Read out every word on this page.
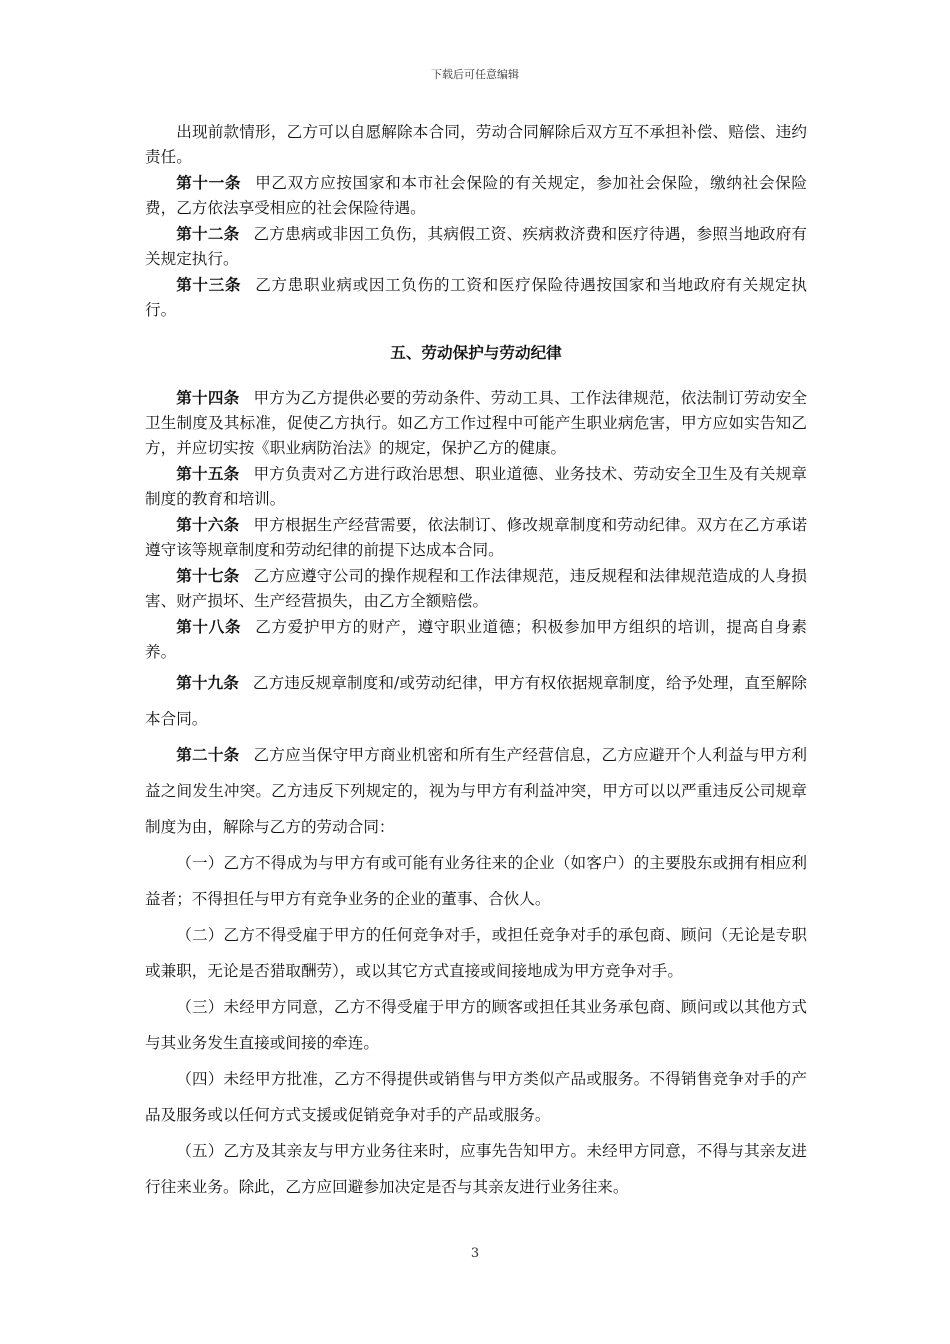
下载后可任意编辑

出现前款情形，乙方可以自愿解除本合同，劳动合同解除后双方互不承担补偿、赔偿、违约责任。

第十一条 甲乙双方应按国家和本市社会保险的有关规定，参加社会保险，缴纳社会保险费，乙方依法享受相应的社会保险待遇。

第十二条 乙方患病或非因工负伤，其病假工资、疾病救济费和医疗待遇，参照当地政府有关规定执行。

第十三条 乙方患职业病或因工负伤的工资和医疗保险待遇按国家和当地政府有关规定执行。

五、劳动保护与劳动纪律

第十四条 甲方为乙方提供必要的劳动条件、劳动工具、工作法律规范，依法制订劳动安全卫生制度及其标准，促使乙方执行。如乙方工作过程中可能产生职业病危害，甲方应如实告知乙方，并应切实按《职业病防治法》的规定，保护乙方的健康。

第十五条 甲方负责对乙方进行政治思想、职业道德、业务技术、劳动安全卫生及有关规章制度的教育和培训。

第十六条 甲方根据生产经营需要，依法制订、修改规章制度和劳动纪律。双方在乙方承诺遵守该等规章制度和劳动纪律的前提下达成本合同。

第十七条 乙方应遵守公司的操作规程和工作法律规范，违反规程和法律规范造成的人身损害、财产损坏、生产经营损失，由乙方全额赔偿。

第十八条 乙方爱护甲方的财产，遵守职业道德；积极参加甲方组织的培训，提高自身素养。

第十九条 乙方违反规章制度和/或劳动纪律，甲方有权依据规章制度，给予处理，直至解除本合同。

第二十条 乙方应当保守甲方商业机密和所有生产经营信息，乙方应避开个人利益与甲方利益之间发生冲突。乙方违反下列规定的，视为与甲方有利益冲突，甲方可以以严重违反公司规章制度为由，解除与乙方的劳动合同：

（一）乙方不得成为与甲方有或可能有业务往来的企业（如客户）的主要股东或拥有相应利益者；不得担任与甲方有竞争业务的企业的董事、合伙人。

（二）乙方不得受雇于甲方的任何竞争对手，或担任竞争对手的承包商、顾问（无论是专职或兼职，无论是否猎取酬劳），或以其它方式直接或间接地成为甲方竞争对手。

（三）未经甲方同意，乙方不得受雇于甲方的顾客或担任其业务承包商、顾问或以其他方式与其业务发生直接或间接的牵连。

（四）未经甲方批准，乙方不得提供或销售与甲方类似产品或服务。不得销售竞争对手的产品及服务或以任何方式支援或促销竞争对手的产品或服务。

（五）乙方及其亲友与甲方业务往来时，应事先告知甲方。未经甲方同意，不得与其亲友进行往来业务。除此，乙方应回避参加决定是否与其亲友进行业务往来。

3
